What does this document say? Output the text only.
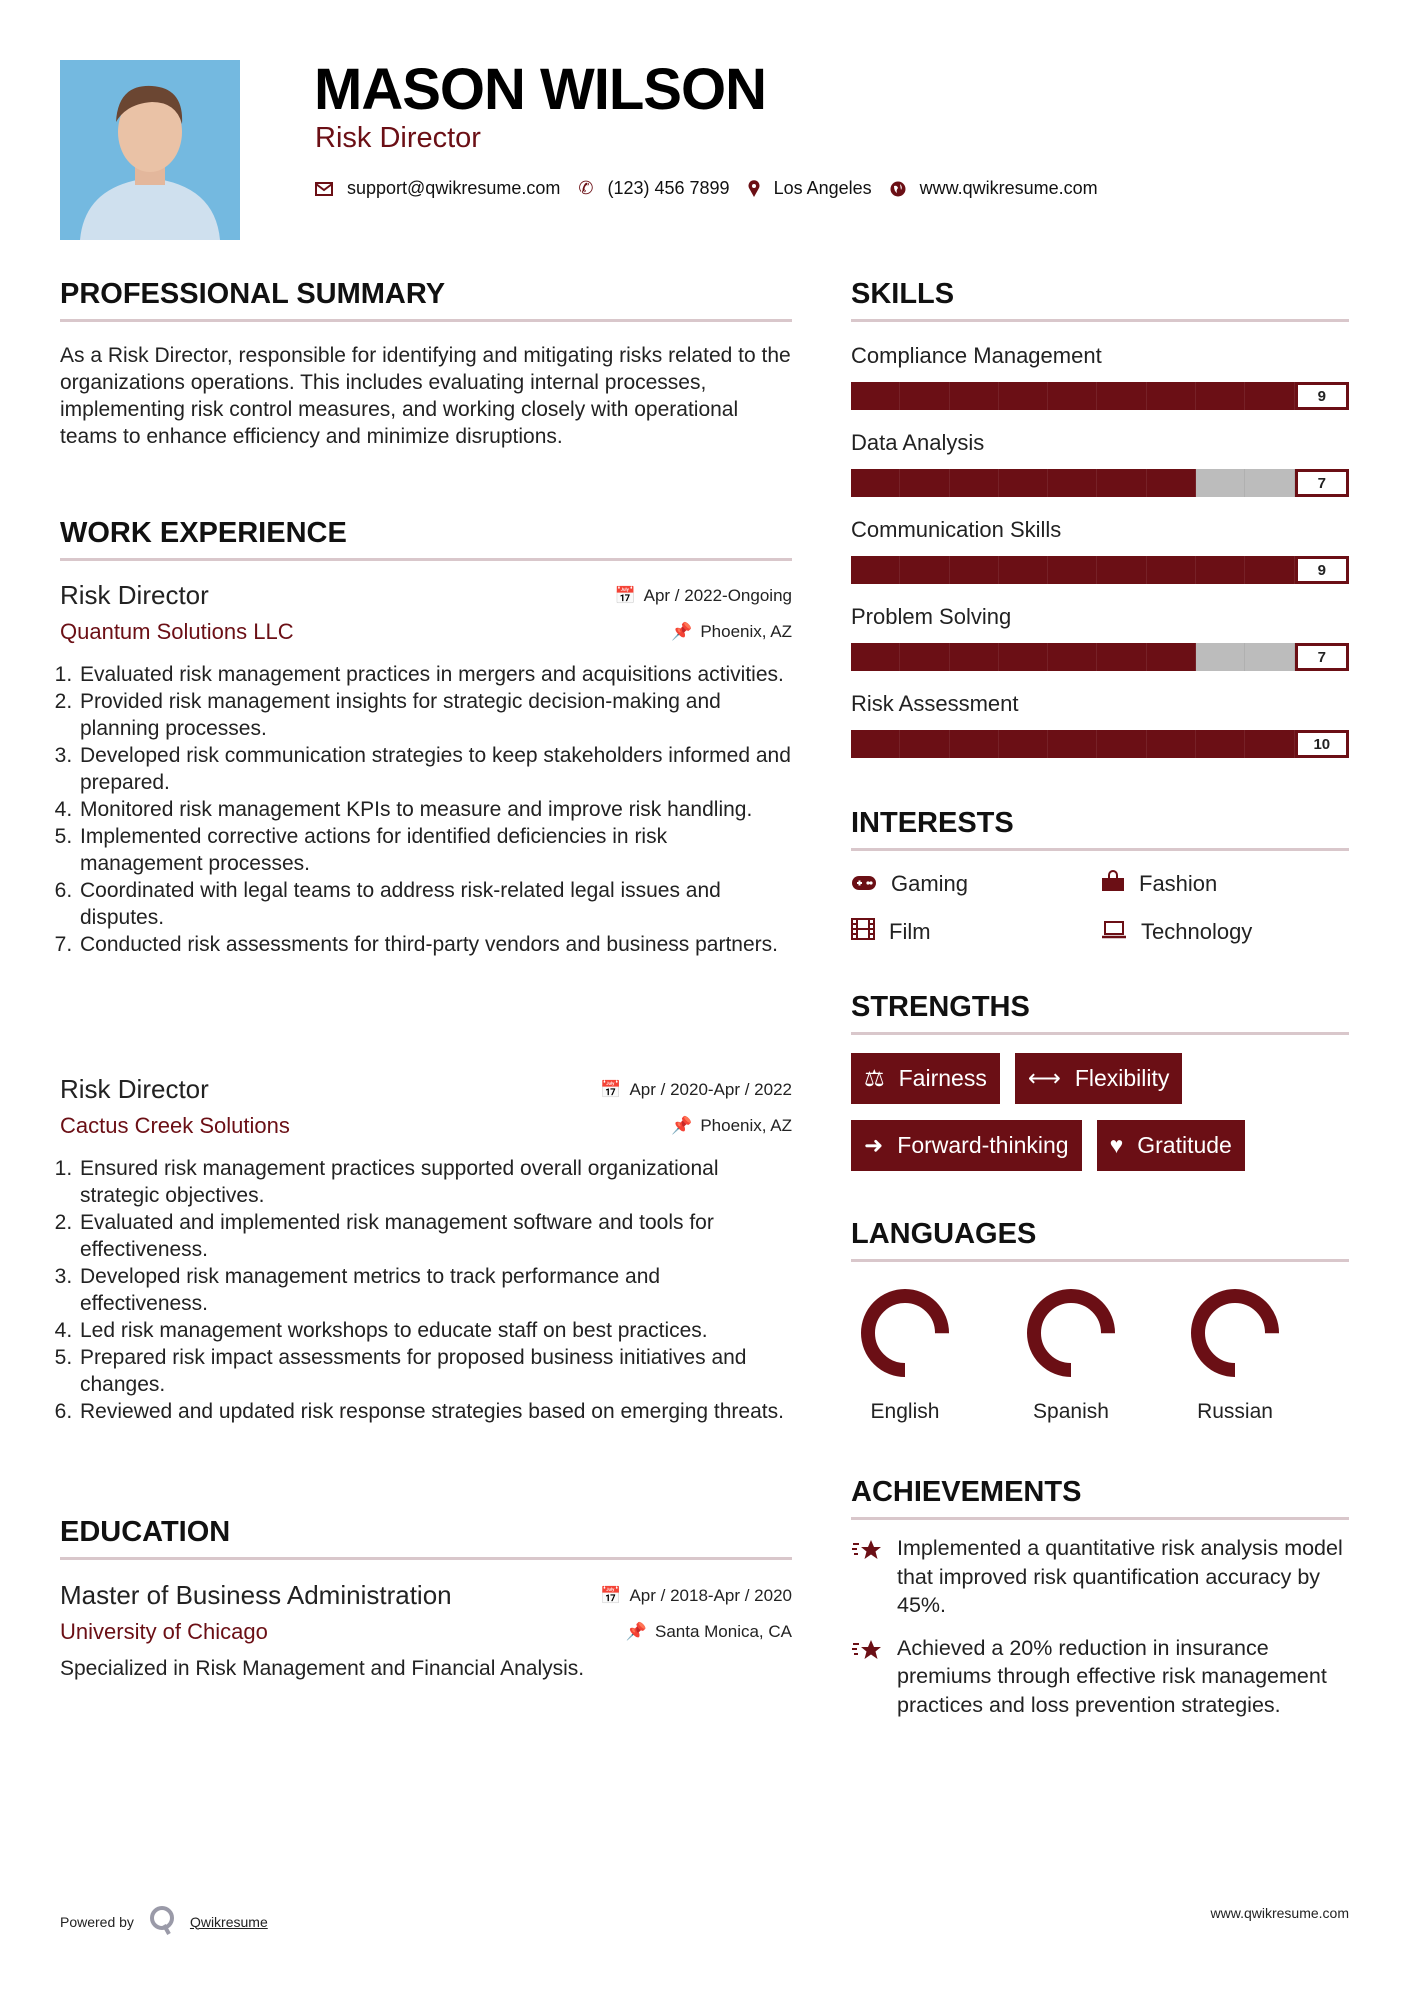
MASON WILSON
Risk Director
support@qwikresume.com ✆ (123) 456 7899 Los Angeles	www.qwikresume.com
PROFESSIONAL SUMMARY

As a Risk Director, responsible for identifying and mitigating risks related to the organizations operations. This includes evaluating internal processes, implementing risk control measures, and working closely with operational teams to enhance efficiency and minimize disruptions.

WORK EXPERIENCE
Risk Director	📅 Apr / 2022-Ongoing
Quantum Solutions LLC	📌 Phoenix, AZ
1. Evaluated risk management practices in mergers and acquisitions activities.
2. Provided risk management insights for strategic decision-making and planning processes.
3. Developed risk communication strategies to keep stakeholders informed and prepared.
4. Monitored risk management KPIs to measure and improve risk handling.
5. Implemented corrective actions for identified deficiencies in risk management processes.
6. Coordinated with legal teams to address risk-related legal issues and disputes.
7. Conducted risk assessments for third-party vendors and business partners.
Risk Director	📅 Apr / 2020-Apr / 2022
Cactus Creek Solutions	📌 Phoenix, AZ
1. Ensured risk management practices supported overall organizational strategic objectives.
2. Evaluated and implemented risk management software and tools for effectiveness.
3. Developed risk management metrics to track performance and effectiveness.
4. Led risk management workshops to educate staff on best practices.
5. Prepared risk impact assessments for proposed business initiatives and changes.
6. Reviewed and updated risk response strategies based on emerging threats.
EDUCATION
Master of Business Administration	📅 Apr / 2018-Apr / 2020
University of Chicago	📌 Santa Monica, CA

Specialized in Risk Management and Financial Analysis.

SKILLS
Compliance Management
9
Data Analysis
7
Communication Skills
9
Problem Solving
7
Risk Assessment
10
INTERESTS
Gaming	Fashion
Film	Technology
STRENGTHS
⚖ Fairness ⟷ Flexibility
➜ Forward-thinking ♥ Gratitude
LANGUAGES
English	Spanish	Russian
ACHIEVEMENTS
Implemented a quantitative risk analysis model that improved risk quantification accuracy by 45%.
Achieved a 20% reduction in insurance premiums through effective risk management practices and loss prevention strategies.
Powered by	Qwikresume
www.qwikresume.com
